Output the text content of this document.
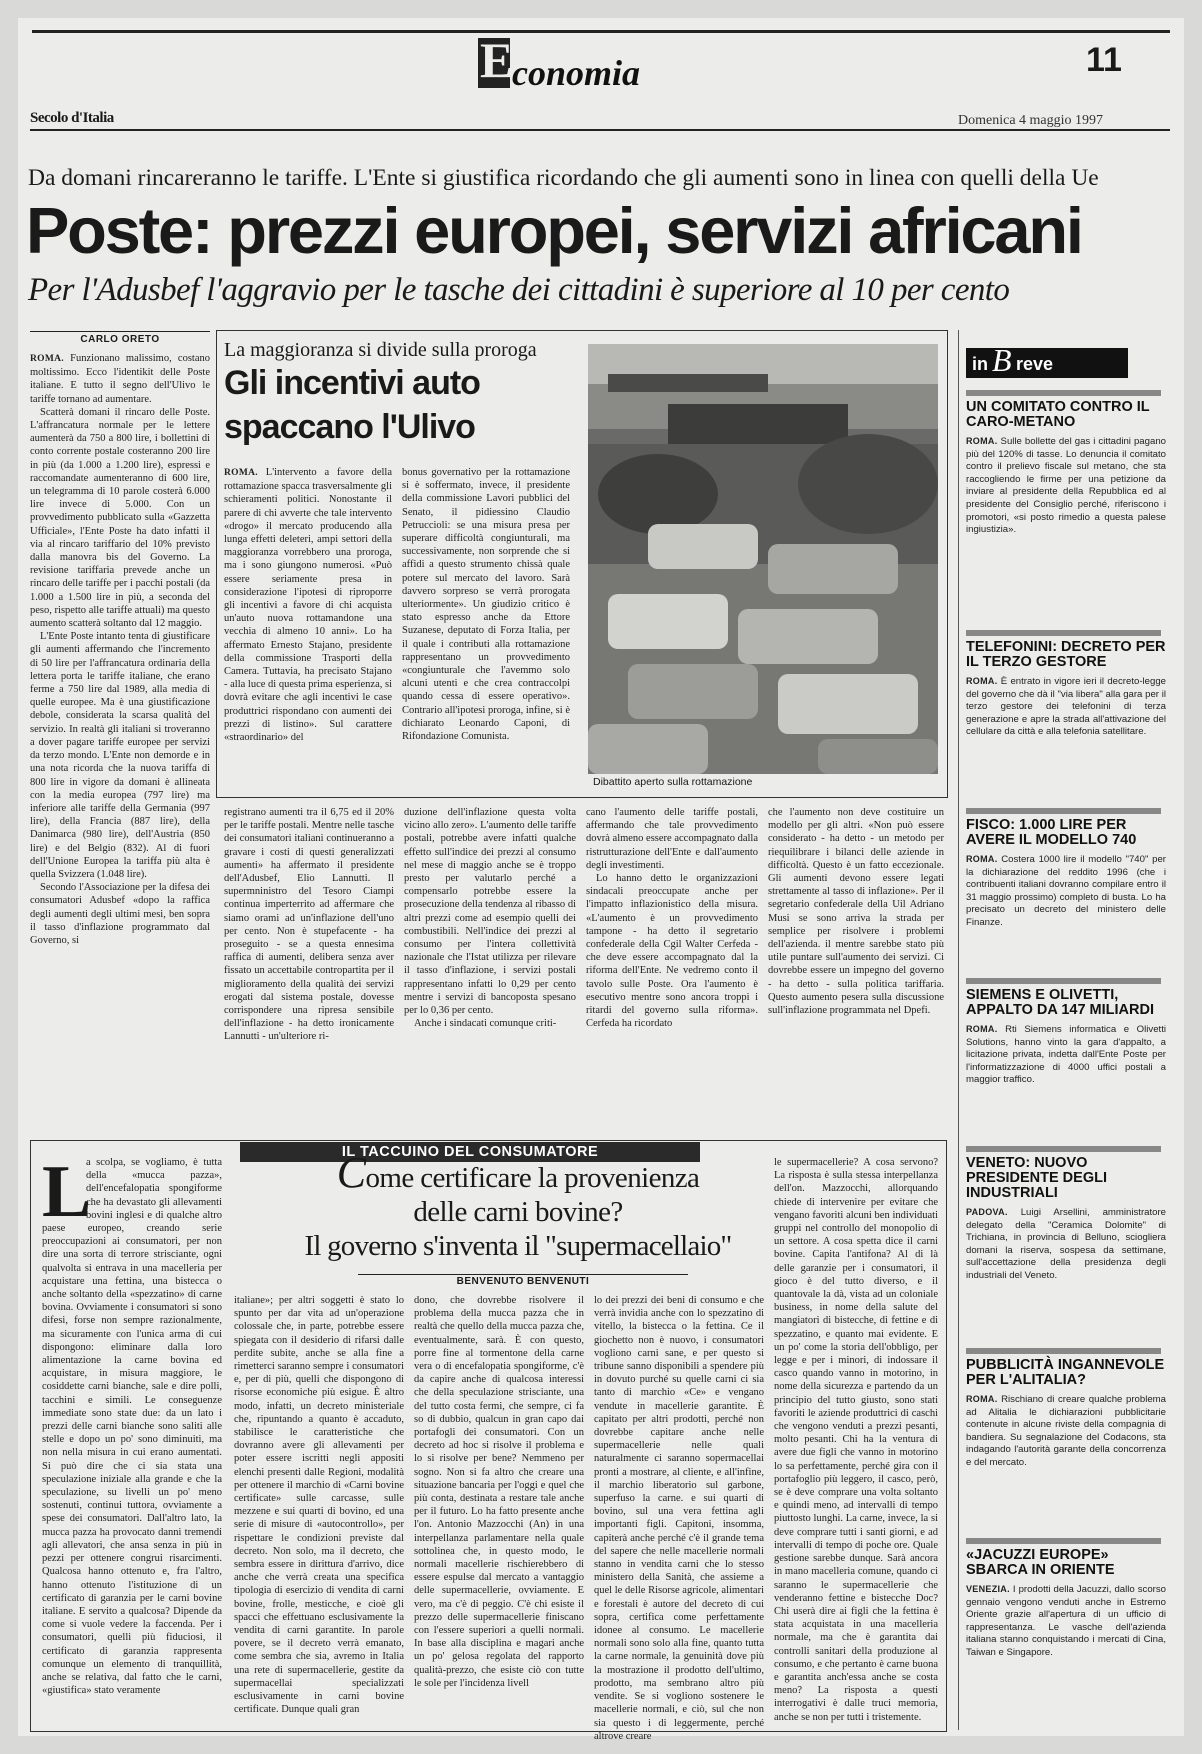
E
conomia	11
Secolo d'Italia	Domenica 4 maggio 1997
Da domani rincareranno le tariffe. L'Ente si giustifica ricordando che gli aumenti sono in linea con quelli della Ue
Poste: prezzi europei, servizi africani
Per l'Adusbef l'aggravio per le tasche dei cittadini è superiore al 10 per cento
CARLO ORETO

ROMA. Funzionano malissimo, costano moltissimo. Ecco l'identikit delle Poste italiane. E tutto il segno dell'Ulivo le tariffe tornano ad aumentare.

Scatterà domani il rincaro delle Poste. L'affrancatura normale per le lettere aumenterà da 750 a 800 lire, i bollettini di conto corrente postale costeranno 200 lire in più (da 1.000 a 1.200 lire), espressi e raccomandate aumenteranno di 600 lire, un telegramma di 10 parole costerà 6.000 lire invece di 5.000. Con un provvedimento pubblicato sulla «Gazzetta Ufficiale», l'Ente Poste ha dato infatti il via al rincaro tariffario del 10% previsto dalla manovra bis del Governo. La revisione tariffaria prevede anche un rincaro delle tariffe per i pacchi postali (da 1.000 a 1.500 lire in più, a seconda del peso, rispetto alle tariffe attuali) ma questo aumento scatterà soltanto dal 12 maggio.

L'Ente Poste intanto tenta di giustificare gli aumenti affermando che l'incremento di 50 lire per l'affrancatura ordinaria della lettera porta le tariffe italiane, che erano ferme a 750 lire dal 1989, alla media di quelle europee. Ma è una giustificazione debole, considerata la scarsa qualità del servizio. In realtà gli italiani si troveranno a dover pagare tariffe europee per servizi da terzo mondo. L'Ente non demorde e in una nota ricorda che la nuova tariffa di 800 lire in vigore da domani è allineata con la media europea (797 lire) ma inferiore alle tariffe della Germania (997 lire), della Francia (887 lire), della Danimarca (980 lire), dell'Austria (850 lire) e del Belgio (832). Al di fuori dell'Unione Europea la tariffa più alta è quella Svizzera (1.048 lire).

Secondo l'Associazione per la difesa dei consumatori Adusbef «dopo la raffica degli aumenti degli ultimi mesi, ben sopra il tasso d'inflazione programmato dal Governo, si

La maggioranza si divide sulla proroga
Gli incentivi auto
spaccano l'Ulivo

ROMA. L'intervento a favore della rottamazione spacca trasversalmente gli schieramenti politici. Nonostante il parere di chi avverte che tale intervento «drogo» il mercato producendo alla lunga effetti deleteri, ampi settori della maggioranza vorrebbero una proroga, ma i sono giungono numerosi. «Può essere seriamente presa in considerazione l'ipotesi di riproporre gli incentivi a favore di chi acquista un'auto nuova rottamandone una vecchia di almeno 10 anni». Lo ha affermato Ernesto Stajano, presidente della commissione Trasporti della Camera. Tuttavia, ha precisato Stajano - alla luce di questa prima esperienza, si dovrà evitare che agli incentivi le case produttrici rispondano con aumenti dei prezzi di listino». Sul carattere «straordinario» del

bonus governativo per la rottamazione si è soffermato, invece, il presidente della commissione Lavori pubblici del Senato, il pidiessino Claudio Petruccioli: se una misura presa per superare difficoltà congiunturali, ma successivamente, non sorprende che si affidi a questo strumento chissà quale potere sul mercato del lavoro. Sarà davvero sorpreso se verrà prorogata ulteriormente». Un giudizio critico è stato espresso anche da Ettore Suzanese, deputato di Forza Italia, per il quale i contributi alla rottamazione rappresentano un provvedimento «congiunturale che l'avemmo solo alcuni utenti e che crea contraccolpi quando cessa di essere operativo». Contrario all'ipotesi proroga, infine, si è dichiarato Leonardo Caponi, di Rifondazione Comunista.

Dibattito aperto sulla rottamazione

registrano aumenti tra il 6,75 ed il 20% per le tariffe postali. Mentre nelle tasche dei consumatori italiani continueranno a gravare i costi di questi generalizzati aumenti» ha affermato il presidente dell'Adusbef, Elio Lannutti. Il supermninistro del Tesoro Ciampi continua imperterrito ad affermare che siamo orami ad un'inflazione dell'uno per cento. Non è stupefacente - ha proseguito - se a questa ennesima raffica di aumenti, delibera senza aver fissato un accettabile contropartita per il miglioramento della qualità dei servizi erogati dal sistema postale, dovesse corrispondere una ripresa sensibile dell'inflazione - ha detto ironicamente Lannutti - un'ulteriore ri-

duzione dell'inflazione questa volta vicino allo zero». L'aumento delle tariffe postali, potrebbe avere infatti qualche effetto sull'indice dei prezzi al consumo nel mese di maggio anche se è troppo presto per valutarlo perché a compensarlo potrebbe essere la prosecuzione della tendenza al ribasso di altri prezzi come ad esempio quelli dei combustibili. Nell'indice dei prezzi al consumo per l'intera collettività nazionale che l'Istat utilizza per rilevare il tasso d'inflazione, i servizi postali rappresentano infatti lo 0,29 per cento mentre i servizi di bancoposta spesano per lo 0,36 per cento.

Anche i sindacati comunque criti-

cano l'aumento delle tariffe postali, affermando che tale provvedimento dovrà almeno essere accompagnato dalla ristrutturazione dell'Ente e dall'aumento degli investimenti.

Lo hanno detto le organizzazioni sindacali preoccupate anche per l'impatto inflazionistico della misura. «L'aumento è un provvedimento tampone - ha detto il segretario confederale della Cgil Walter Cerfeda - che deve essere accompagnato dal la riforma dell'Ente. Ne vedremo conto il tavolo sulle Poste. Ora l'aumento è esecutivo mentre sono ancora troppi i ritardi del governo sulla riforma». Cerfeda ha ricordato

che l'aumento non deve costituire un modello per gli altri. «Non può essere considerato - ha detto - un metodo per riequilibrare i bilanci delle aziende in difficoltà. Questo è un fatto eccezionale. Gli aumenti devono essere legati strettamente al tasso di inflazione». Per il segretario confederale della Uil Adriano Musi se sono arriva la strada per semplice per risolvere i problemi dell'azienda. il mentre sarebbe stato più utile puntare sull'aumento dei servizi. Ci dovrebbe essere un impegno del governo - ha detto - sulla politica tariffaria. Questo aumento pesera sulla discussione sull'inflazione programmata nel Dpefi.

in B reve
UN COMITATO CONTRO IL CARO-METANO
ROMA. Sulle bollette del gas i cittadini pagano più del 120% di tasse. Lo denuncia il comitato contro il prelievo fiscale sul metano, che sta raccogliendo le firme per una petizione da inviare al presidente della Repubblica ed al presidente del Consiglio perché, riferiscono i promotori, «si posto rimedio a questa palese ingiustizia».
TELEFONINI: DECRETO PER IL TERZO GESTORE
ROMA. È entrato in vigore ieri il decreto-legge del governo che dà il "via libera" alla gara per il terzo gestore dei telefonini di terza generazione e apre la strada all'attivazione del cellulare da città e alla telefonia satellitare.
FISCO: 1.000 LIRE PER AVERE IL MODELLO 740
ROMA. Costera 1000 lire il modello "740" per la dichiarazione del reddito 1996 (che i contribuenti italiani dovranno compilare entro il 31 maggio prossimo) completo di busta. Lo ha precisato un decreto del ministero delle Finanze.
SIEMENS E OLIVETTI, APPALTO DA 147 MILIARDI
ROMA. Rti Siemens informatica e Olivetti Solutions, hanno vinto la gara d'appalto, a licitazione privata, indetta dall'Ente Poste per l'informatizzazione di 4000 uffici postali a maggior traffico.
VENETO: NUOVO PRESIDENTE DEGLI INDUSTRIALI
PADOVA. Luigi Arsellini, amministratore delegato della "Ceramica Dolomite" di Trichiana, in provincia di Belluno, sciogliera domani la riserva, sospesa da settimane, sull'accettazione della presidenza degli industriali del Veneto.
PUBBLICITÀ INGANNEVOLE PER L'ALITALIA?
ROMA. Rischiano di creare qualche problema ad Alitalia le dichiarazioni pubblicitarie contenute in alcune riviste della compagnia di bandiera. Su segnalazione del Codacons, sta indagando l'autorità garante della concorrenza e del mercato.
«JACUZZI EUROPE» SBARCA IN ORIENTE
VENEZIA. I prodotti della Jacuzzi, dallo scorso gennaio vengono venduti anche in Estremo Oriente grazie all'apertura di un ufficio di rappresentanza. Le vasche dell'azienda italiana stanno conquistando i mercati di Cina, Taiwan e Singapore.
IL TACCUINO DEL CONSUMATORE
L

a scolpa, se vogliamo, è tutta della «mucca pazza», dell'encefalopatia spongiforme che ha devastato gli allevamenti bovini inglesi e di qualche altro paese europeo, creando serie preoccupazioni ai consumatori, per non dire una sorta di terrore strisciante, ogni qualvolta si entrava in una macelleria per acquistare una fettina, una bistecca o anche soltanto della «spezzatino» di carne bovina. Ovviamente i consumatori si sono difesi, forse non sempre razionalmente, ma sicuramente con l'unica arma di cui dispongono: eliminare dalla loro alimentazione la carne bovina ed acquistare, in misura maggiore, le cosiddette carni bianche, sale e dire polli, tacchini e simili. Le conseguenze immediate sono state due: da un lato i prezzi delle carni bianche sono saliti alle stelle e dopo un po' sono diminuiti, ma non nella misura in cui erano aumentati. Si può dire che ci sia stata una speculazione iniziale alla grande e che la speculazione, su livelli un po' meno sostenuti, continui tuttora, ovviamente a spese dei consumatori. Dall'altro lato, la mucca pazza ha provocato danni tremendi agli allevatori, che ansa senza in più in pezzi per ottenere congrui risarcimenti. Qualcosa hanno ottenuto e, fra l'altro, hanno ottenuto l'istituzione di un certificato di garanzia per le carni bovine italiane. E servito a qualcosa? Dipende da come si vuole vedere la faccenda. Per i consumatori, quelli più fiduciosi, il certificato di garanzia rappresenta comunque un elemento di tranquillità, anche se relativa, dal fatto che le carni, «giustifica» stato veramente

Come certificare la provenienza
delle carni bovine?
Il governo s'inventa il "supermacellaio"
BENVENUTO BENVENUTI

italiane»; per altri soggetti è stato lo spunto per dar vita ad un'operazione colossale che, in parte, potrebbe essere spiegata con il desiderio di rifarsi dalle perdite subite, anche se alla fine a rimetterci saranno sempre i consumatori e, per di più, quelli che dispongono di risorse economiche più esigue. È altro modo, infatti, un decreto ministeriale che, ripuntando a quanto è accaduto, stabilisce le caratteristiche che dovranno avere gli allevamenti per poter essere iscritti negli appositi elenchi presenti dalle Regioni, modalità per ottenere il marchio di «Carni bovine certificate» sulle carcasse, sulle mezzene e sui quarti di bovino, ed una serie di misure di «autocontrollo», per rispettare le condizioni previste dal decreto. Non solo, ma il decreto, che sembra essere in dirittura d'arrivo, dice anche che verrà creata una specifica tipologia di esercizio di vendita di carni bovine, frolle, mesticche, e cioè gli spacci che effettuano esclusivamente la vendita di carni garantite. In parole povere, se il decreto verrà emanato, come sembra che sia, avremo in Italia una rete di supermacellerie, gestite da supermacellai specializzati esclusivamente in carni bovine certificate. Dunque quali gran

dono, che dovrebbe risolvere il problema della mucca pazza che in realtà che quello della mucca pazza che, eventualmente, sarà. È con questo, porre fine al tormentone della carne vera o di encefalopatia spongiforme, c'è da capire anche di qualcosa interessi che della speculazione strisciante, una del tutto costa fermi, che sempre, ci fa so di dubbio, qualcun in gran capo dai portafogli dei consumatori. Con un decreto ad hoc si risolve il problema e lo si risolve per bene? Nemmeno per sogno. Non si fa altro che creare una situazione bancaria per l'oggi e quel che più conta, destinata a restare tale anche per il futuro. Lo ha fatto presente anche l'on. Antonio Mazzocchi (An) in una interpellanza parlamentare nella quale sottolinea che, in questo modo, le normali macellerie rischierebbero di essere espulse dal mercato a vantaggio delle supermacellerie, ovviamente. E vero, ma c'è di peggio. C'è chi esiste il prezzo delle supermacellerie finiscano con l'essere superiori a quelli normali. In base alla disciplina e magari anche un po' gelosa regolata del rapporto qualità-prezzo, che esiste ciò con tutte le sole per l'incidenza livell

lo dei prezzi dei beni di consumo e che verrà invidia anche con lo spezzatino di vitello, la bistecca o la fettina. Ce il giochetto non è nuovo, i consumatori vogliono carni sane, e per questo si tribune sanno disponibili a spendere più in dovuto purché su quelle carni ci sia tanto di marchio «Ce» e vengano vendute in macellerie garantite. È capitato per altri prodotti, perché non dovrebbe capitare anche nelle supermacellerie nelle quali naturalmente ci saranno sopermacellai pronti a mostrare, al cliente, e all'infine, il marchio liberatorio sul garbone, superfuso la carne. e sui quarti di bovino, sul una vera fettina agli importanti figli. Capitoni, insomma, capiterà anche perché c'è il grande tema del sapere che nelle macellerie normali stanno in vendita carni che lo stesso ministero della Sanità, che assieme a quel le delle Risorse agricole, alimentari e forestali è autore del decreto di cui sopra, certifica come perfettamente idonee al consumo. Le macellerie normali sono solo alla fine, quanto tutta la carne normale, la genuinità dove più la mostrazione il prodotto dell'ultimo, prodotto, ma sembrano altro più vendite. Se si vogliono sostenere le macellerie normali, e ciò, sul che non sia questo i di leggermente, perché altrove creare

le supermacellerie? A cosa servono? La risposta è sulla stessa interpellanza dell'on. Mazzocchi, allorquando chiede di intervenire per evitare che vengano favoriti alcuni ben individuati gruppi nel controllo del monopolio di un settore. A cosa spetta dice il carni bovine. Capita l'antifona? Al di là delle garanzie per i consumatori, il gioco è del tutto diverso, e il quantovale la dà, vista ad un coloniale business, in nome della salute del mangiatori di bistecche, di fettine e di spezzatino, e quanto mai evidente. E un po' come la storia dell'obbligo, per legge e per i minori, di indossare il casco quando vanno in motorino, in nome della sicurezza e partendo da un principio del tutto giusto, sono stati favoriti le aziende produttrici di caschi che vengono venduti a prezzi pesanti, molto pesanti. Chi ha la ventura di avere due figli che vanno in motorino lo sa perfettamente, perché gira con il portafoglio più leggero, il casco, però, se è deve comprare una volta soltanto e quindi meno, ad intervalli di tempo piuttosto lunghi. La carne, invece, la si deve comprare tutti i santi giorni, e ad intervalli di tempo di poche ore. Quale gestione sarebbe dunque. Sarà ancora in mano macelleria comune, quando ci saranno le supermacellerie che venderanno fettine e bistecche Doc? Chi userà dire ai figli che la fettina è stata acquistata in una macelleria normale, ma che è garantita dai controlli sanitari della produzione al consumo, e che pertanto è carne buona e garantita anch'essa anche se costa meno? La risposta a questi interrogativi è dalle truci memoria, anche se non per tutti i tristemente.
